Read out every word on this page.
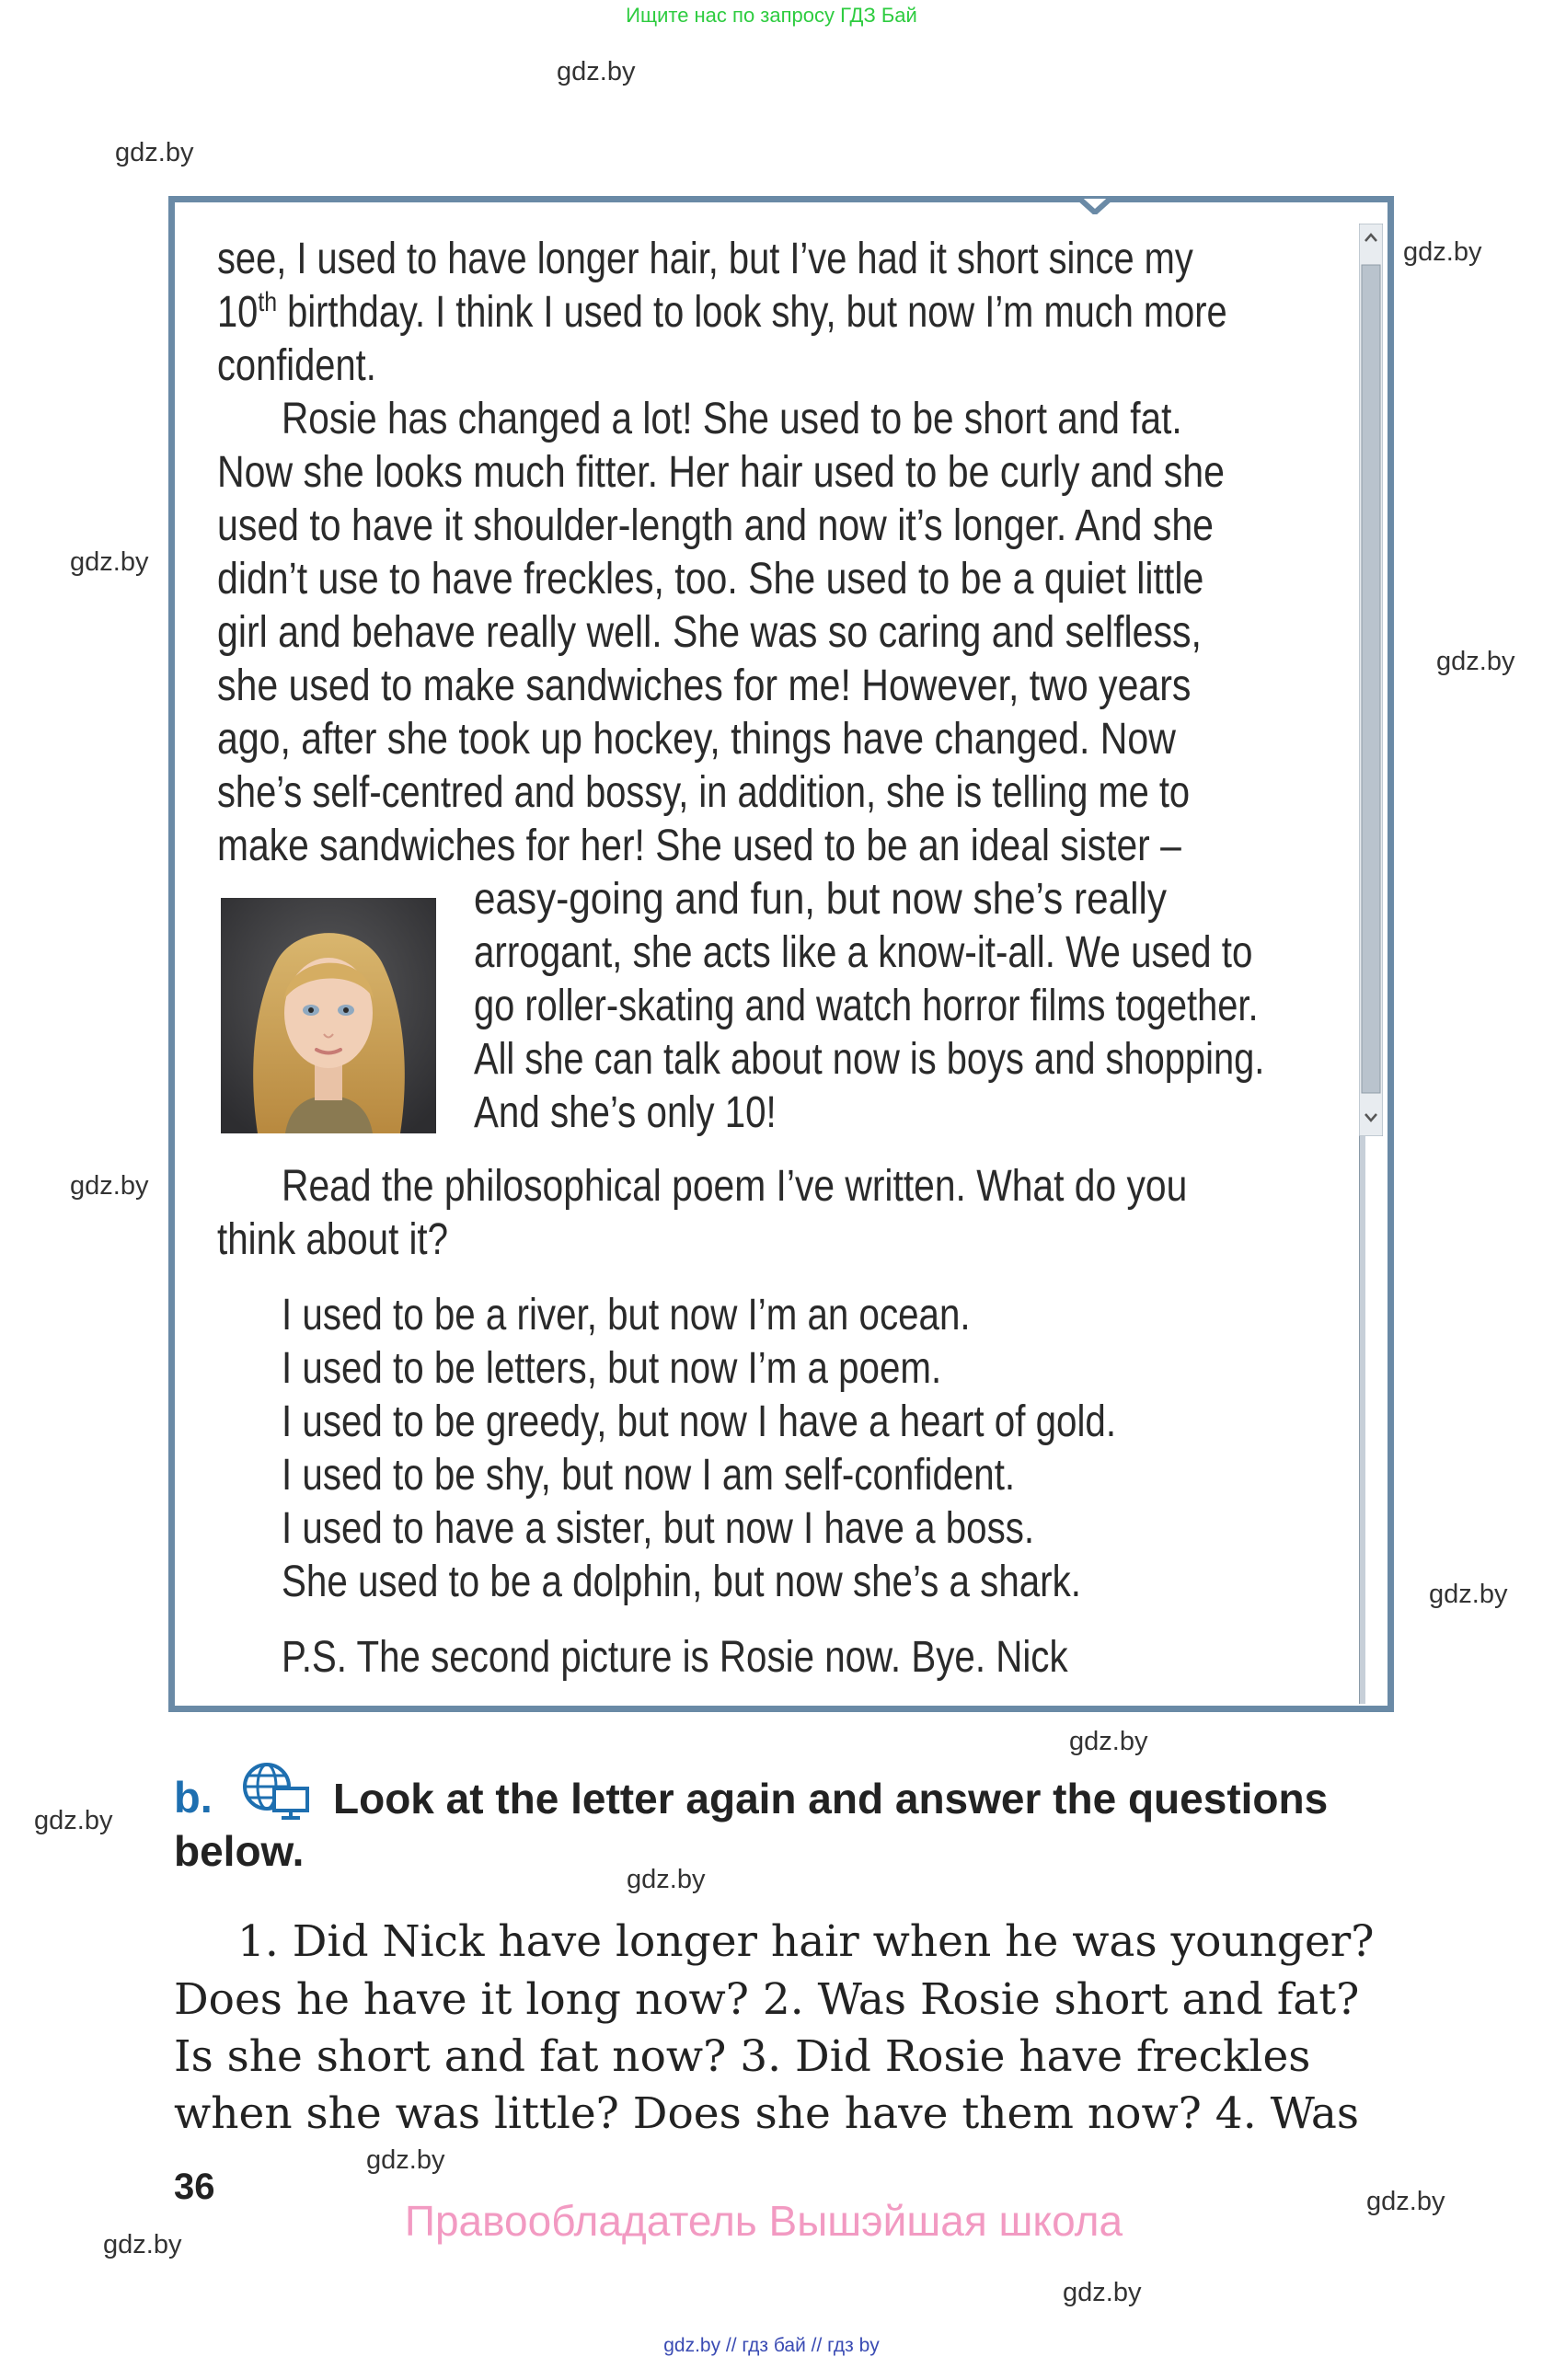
Ищите нас по запросу ГДЗ Бай
gdz.by
gdz.by
gdz.by
gdz.by
gdz.by
gdz.by
gdz.by
gdz.by
gdz.by
gdz.by
gdz.by
gdz.by
gdz.by
gdz.by
see, I used to have longer hair, but I’ve had it short since my
10th birthday. I think I used to look shy, but now I’m much more
confident.
Rosie has changed a lot! She used to be short and fat.
Now she looks much fitter. Her hair used to be curly and she
used to have it shoulder-length and now it’s longer. And she
didn’t use to have freckles, too. She used to be a quiet little
girl and behave really well. She was so caring and selfless,
she used to make sandwiches for me! However, two years
ago, after she took up hockey, things have changed. Now
she’s self-centred and bossy, in addition, she is telling me to
make sandwiches for her! She used to be an ideal sister –
easy-going and fun, but now she’s really
arrogant, she acts like a know-it-all. We used to
go roller-skating and watch horror films together.
All she can talk about now is boys and shopping.
And she’s only 10!
Read the philosophical poem I’ve written. What do you
think about it?
I used to be a river, but now I’m an ocean.
I used to be letters, but now I’m a poem.
I used to be greedy, but now I have a heart of gold.
I used to be shy, but now I am self-confident.
I used to have a sister, but now I have a boss.
She used to be a dolphin, but now she’s a shark.
P.S. The second picture is Rosie now. Bye. Nick
b.	Look at the letter again and answer the questions
below.
1. Did Nick have longer hair when he was younger?
Does he have it long now? 2. Was Rosie short and fat?
Is she short and fat now? 3. Did Rosie have freckles
when she was little? Does she have them now? 4. Was
36
Правообладатель Вышэйшая школа
gdz.by // гдз бай // гдз by
